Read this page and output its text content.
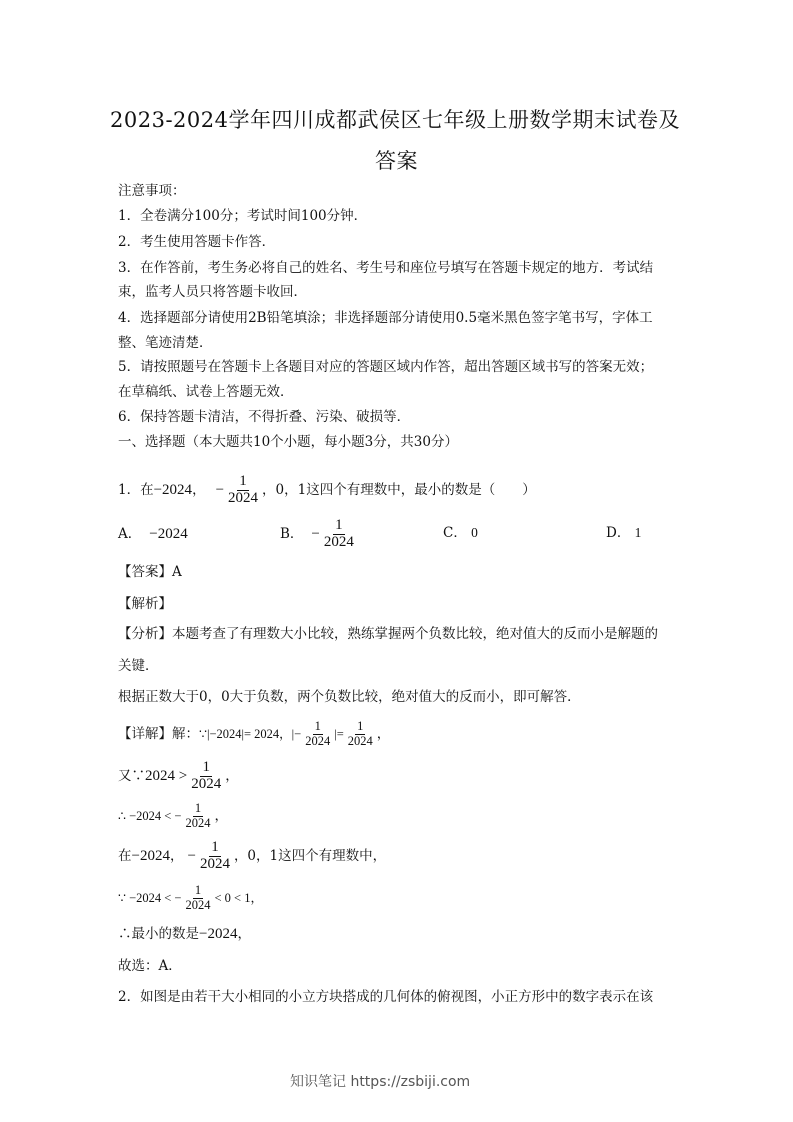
2023-2024学年四川成都武侯区七年级上册数学期末试卷及
答案
注意事项：
1．全卷满分100分；考试时间100分钟．
2．考生使用答题卡作答．
3．在作答前，考生务必将自己的姓名、考生号和座位号填写在答题卡规定的地方．考试结
束，监考人员只将答题卡收回．
4．选择题部分请使用2B铅笔填涂；非选择题部分请使用0.5毫米黑色签字笔书写，字体工
整、笔迹清楚．
5．请按照题号在答题卡上各题目对应的答题区域内作答，超出答题区域书写的答案无效；
在草稿纸、试卷上答题无效．
6．保持答题卡清洁，不得折叠、污染、破损等．
一、选择题（本大题共10个小题，每小题3分，共30分）
1．在 −2024 ， − $\frac{1}{2024}$ ，0，1这四个有理数中，最小的数是（　　）
A． −2024	B． − $\frac{1}{2024}$	C． 0	D． 1
【答案】A
【解析】
【分析】本题考查了有理数大小比较，熟练掌握两个负数比较，绝对值大的反而小是解题的
关键．
根据正数大于0，0大于负数，两个负数比较，绝对值大的反而小，即可解答．
【详解】解： ∵|−2024|= 2024，|− $\frac{1}{2024}$ |= $\frac{1}{2024}$ ，
又∵ $2024 > \frac{1}{2024}$ ，
∴ −2024 < − $\frac{1}{2024}$ ，
在 −2024 ， − $\frac{1}{2024}$ ，0，1这四个有理数中，
∵ −2024 < − $\frac{1}{2024} < 0 < 1$，
∴最小的数是−2024，
故选：A．
2．如图是由若干大小相同的小立方块搭成的几何体的俯视图，小正方形中的数字表示在该
知识笔记 https://zsbiji.com
